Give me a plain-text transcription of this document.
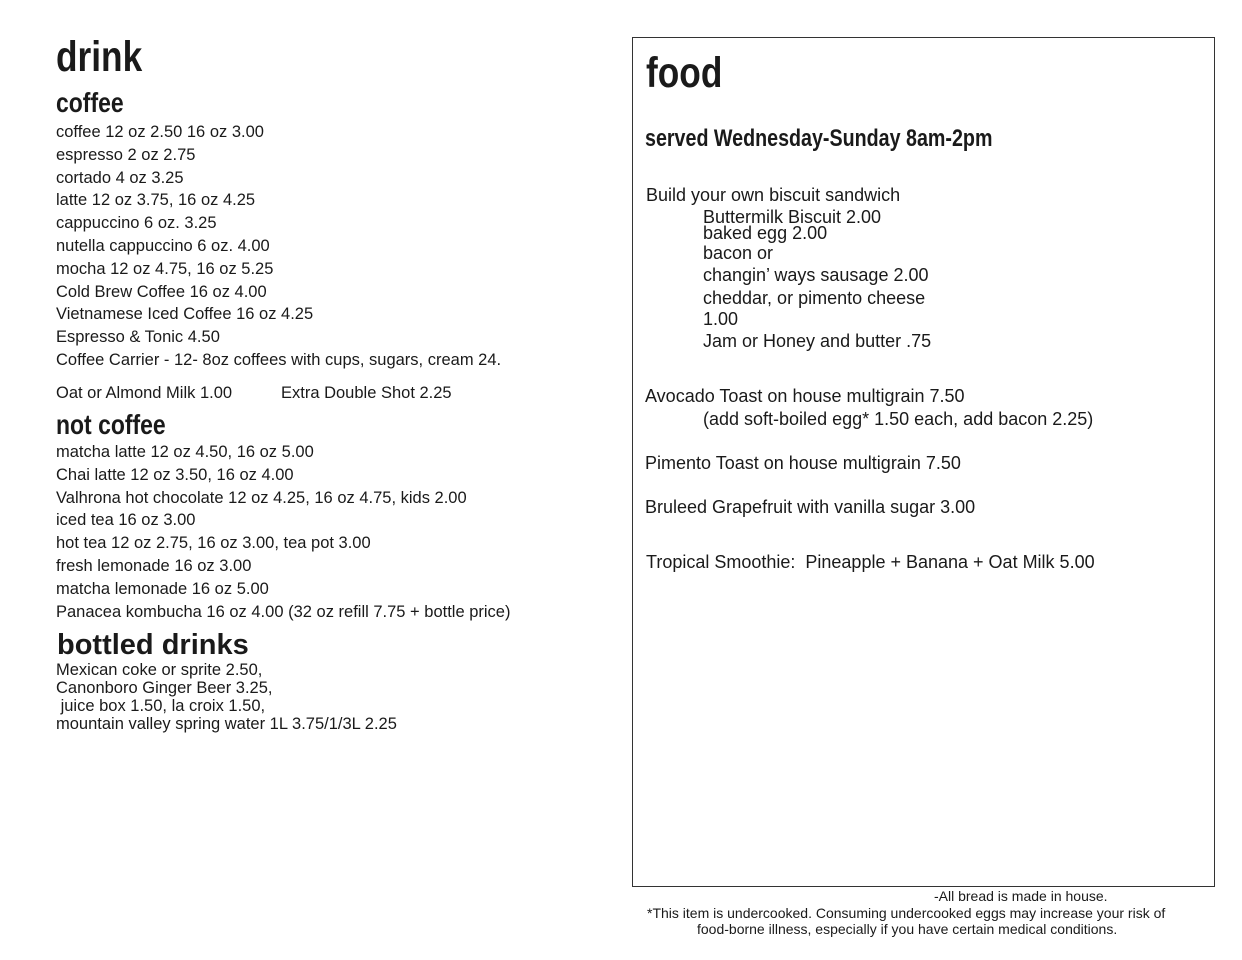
drink
coffee
coffee 12 oz 2.50 16 oz 3.00
espresso 2 oz 2.75
cortado 4 oz 3.25
latte 12 oz 3.75, 16 oz 4.25
cappuccino 6 oz. 3.25
nutella cappuccino 6 oz. 4.00
mocha 12 oz 4.75, 16 oz 5.25
Cold Brew Coffee 16 oz 4.00
Vietnamese Iced Coffee 16 oz 4.25
Espresso & Tonic 4.50
Coffee Carrier - 12- 8oz coffees with cups, sugars, cream 24.
Oat or Almond Milk 1.00	Extra Double Shot 2.25
not coffee
matcha latte 12 oz 4.50, 16 oz 5.00
Chai latte 12 oz 3.50, 16 oz 4.00
Valhrona hot chocolate 12 oz 4.25, 16 oz 4.75, kids 2.00
iced tea 16 oz 3.00
hot tea 12 oz 2.75, 16 oz 3.00, tea pot 3.00
fresh lemonade 16 oz 3.00
matcha lemonade 16 oz 5.00
Panacea kombucha 16 oz 4.00 (32 oz refill 7.75 + bottle price)
bottled drinks
Mexican coke or sprite 2.50,
Canonboro Ginger Beer 3.25,
juice box 1.50, la croix 1.50,
mountain valley spring water 1L 3.75/1/3L 2.25
food
served Wednesday-Sunday 8am-2pm
Build your own biscuit sandwich
Buttermilk Biscuit 2.00
baked egg 2.00
bacon or
changin’ ways sausage 2.00
cheddar, or pimento cheese
1.00
Jam or Honey and butter .75
Avocado Toast on house multigrain 7.50
(add soft-boiled egg* 1.50 each, add bacon 2.25)
Pimento Toast on house multigrain 7.50
Bruleed Grapefruit with vanilla sugar 3.00
Tropical Smoothie:  Pineapple + Banana + Oat Milk 5.00
-All bread is made in house.
*This item is undercooked. Consuming undercooked eggs may increase your risk of
food-borne illness, especially if you have certain medical conditions.
